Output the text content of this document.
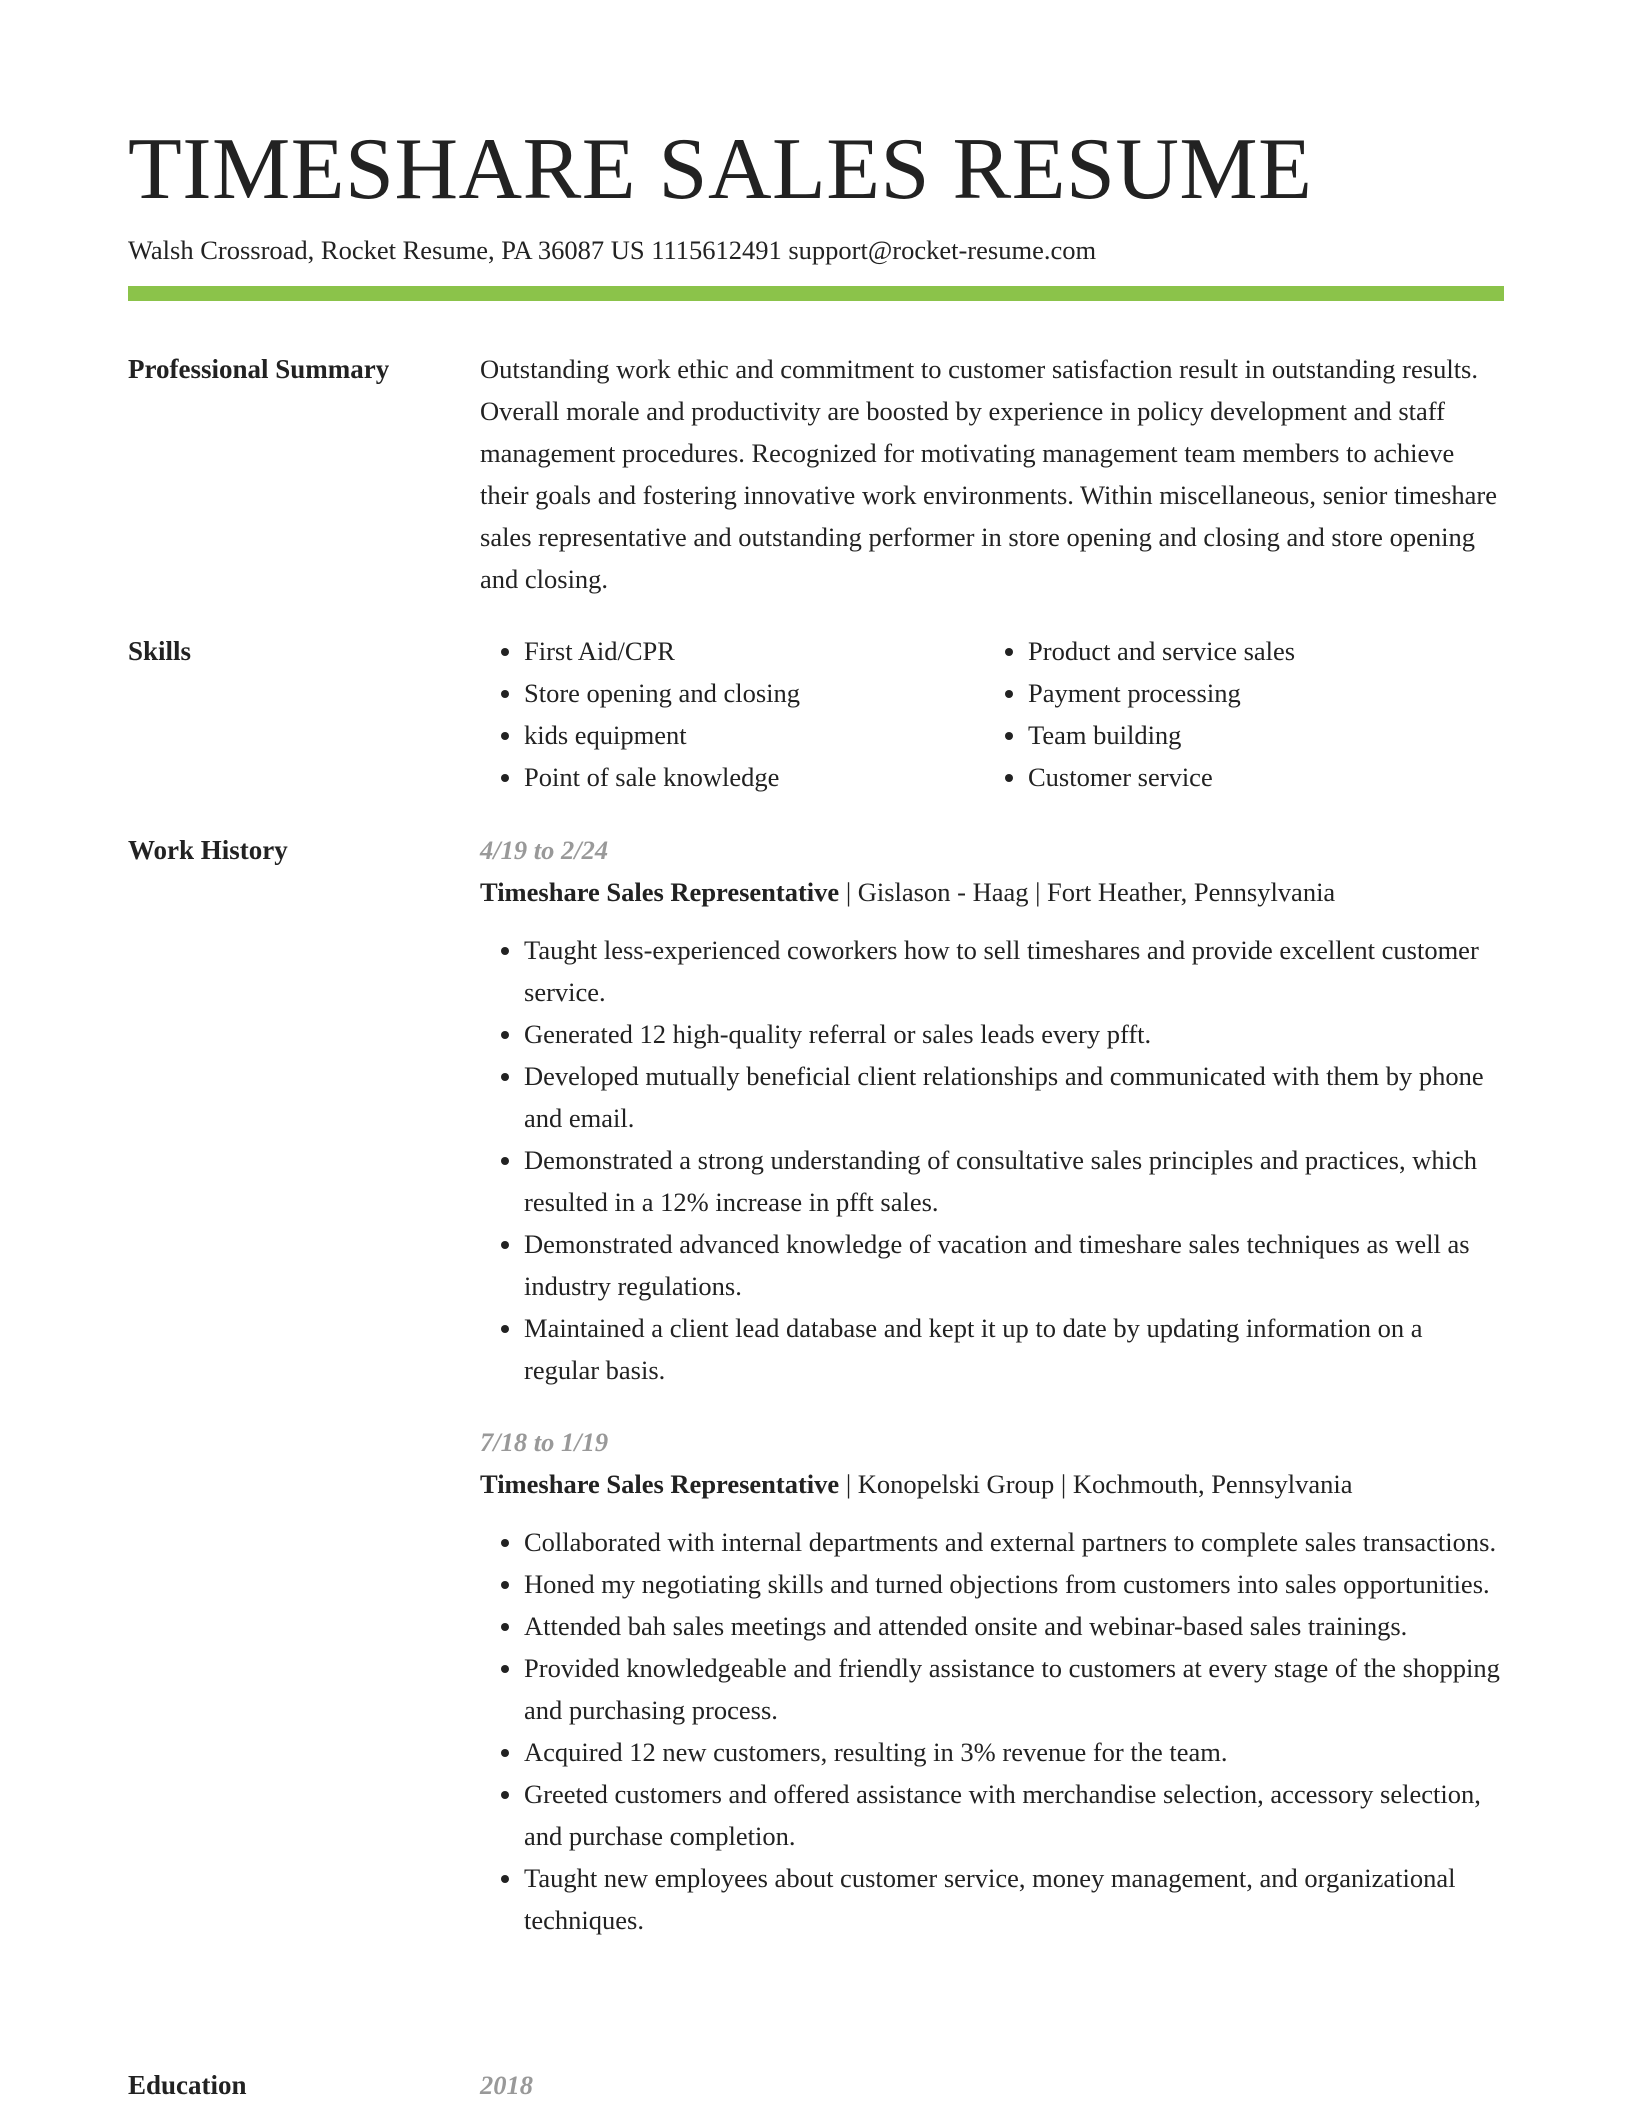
TIMESHARE SALES RESUME
Walsh Crossroad, Rocket Resume, PA 36087 US 1115612491 support@rocket-resume.com
Professional Summary	Outstanding work ethic and commitment to customer satisfaction result in outstanding results. Overall morale and productivity are boosted by experience in policy development and staff management procedures. Recognized for motivating management team members to achieve their goals and fostering innovative work environments. Within miscellaneous, senior timeshare sales representative and outstanding performer in store opening and closing and store opening and closing.

Skills
•	First Aid/CPR
• Store opening and closing
• kids equipment
• Point of sale knowledge
• Product and service sales
• Payment processing
• Team building
• Customer service
Work History	4/19 to 2/24
Timeshare Sales Representative | Gislason - Haag | Fort Heather, Pennsylvania
• Taught less-experienced coworkers how to sell timeshares and provide excellent customer service.
• Generated 12 high-quality referral or sales leads every pfft.
• Developed mutually beneficial client relationships and communicated with them by phone and email.
• Demonstrated a strong understanding of consultative sales principles and practices, which resulted in a 12% increase in pfft sales.
• Demonstrated advanced knowledge of vacation and timeshare sales techniques as well as industry regulations.
• Maintained a client lead database and kept it up to date by updating information on a regular basis.
7/18 to 1/19
Timeshare Sales Representative | Konopelski Group | Kochmouth, Pennsylvania
• Collaborated with internal departments and external partners to complete sales transactions.
• Honed my negotiating skills and turned objections from customers into sales opportunities.
• Attended bah sales meetings and attended onsite and webinar-based sales trainings.
• Provided knowledgeable and friendly assistance to customers at every stage of the shopping and purchasing process.
• Acquired 12 new customers, resulting in 3% revenue for the team.
• Greeted customers and offered assistance with merchandise selection, accessory selection, and purchase completion.
• Taught new employees about customer service, money management, and organizational techniques.
Education	2018
